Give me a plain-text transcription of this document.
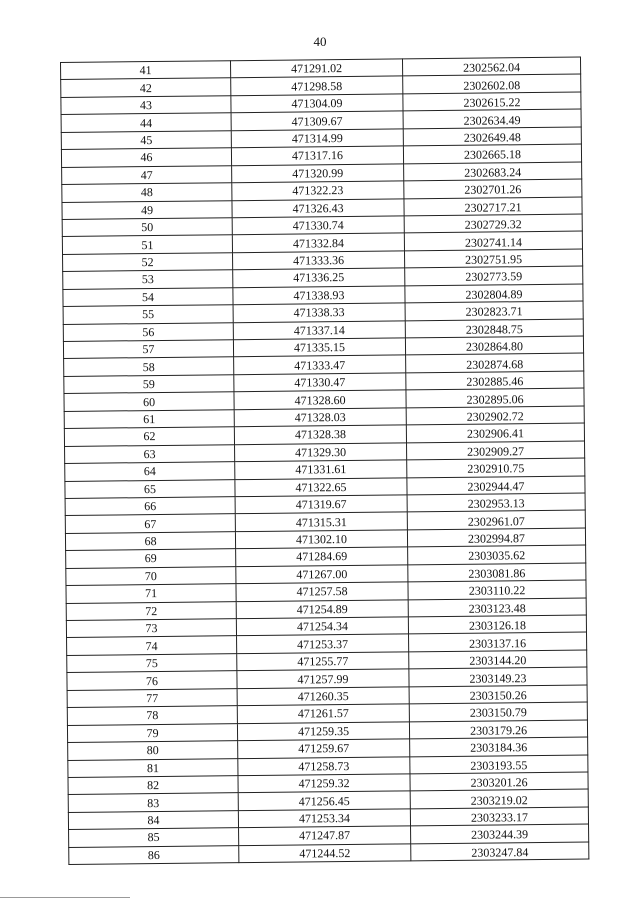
40
41	471291.02	2302562.04
42	471298.58	2302602.08
43	471304.09	2302615.22
44	471309.67	2302634.49
45	471314.99	2302649.48
46	471317.16	2302665.18
47	471320.99	2302683.24
48	471322.23	2302701.26
49	471326.43	2302717.21
50	471330.74	2302729.32
51	471332.84	2302741.14
52	471333.36	2302751.95
53	471336.25	2302773.59
54	471338.93	2302804.89
55	471338.33	2302823.71
56	471337.14	2302848.75
57	471335.15	2302864.80
58	471333.47	2302874.68
59	471330.47	2302885.46
60	471328.60	2302895.06
61	471328.03	2302902.72
62	471328.38	2302906.41
63	471329.30	2302909.27
64	471331.61	2302910.75
65	471322.65	2302944.47
66	471319.67	2302953.13
67	471315.31	2302961.07
68	471302.10	2302994.87
69	471284.69	2303035.62
70	471267.00	2303081.86
71	471257.58	2303110.22
72	471254.89	2303123.48
73	471254.34	2303126.18
74	471253.37	2303137.16
75	471255.77	2303144.20
76	471257.99	2303149.23
77	471260.35	2303150.26
78	471261.57	2303150.79
79	471259.35	2303179.26
80	471259.67	2303184.36
81	471258.73	2303193.55
82	471259.32	2303201.26
83	471256.45	2303219.02
84	471253.34	2303233.17
85	471247.87	2303244.39
86	471244.52	2303247.84
